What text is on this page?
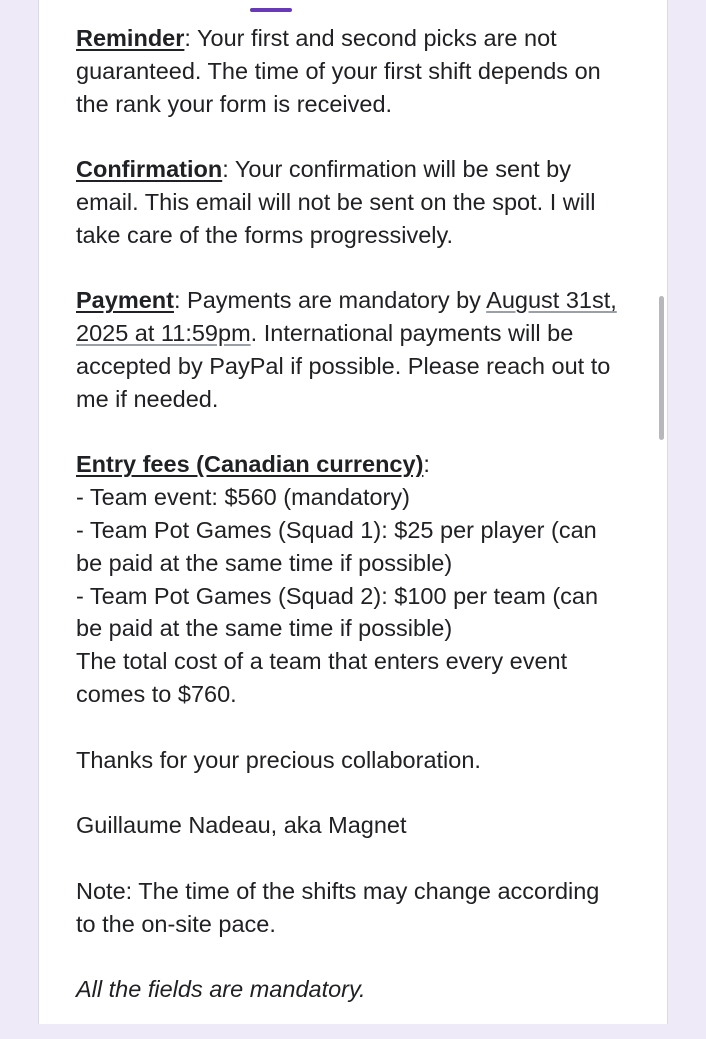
Reminder: Your first and second picks are not
guaranteed. The time of your first shift depends on
the rank your form is received.

Confirmation: Your confirmation will be sent by
email. This email will not be sent on the spot. I will
take care of the forms progressively.

Payment: Payments are mandatory by August 31st,
2025 at 11:59pm. International payments will be
accepted by PayPal if possible. Please reach out to
me if needed.

Entry fees (Canadian currency):
- Team event: $560 (mandatory)
- Team Pot Games (Squad 1): $25 per player (can
be paid at the same time if possible)
- Team Pot Games (Squad 2): $100 per team (can
be paid at the same time if possible)
The total cost of a team that enters every event
comes to $760.

Thanks for your precious collaboration.

Guillaume Nadeau, aka Magnet

Note: The time of the shifts may change according
to the on-site pace.

All the fields are mandatory.
